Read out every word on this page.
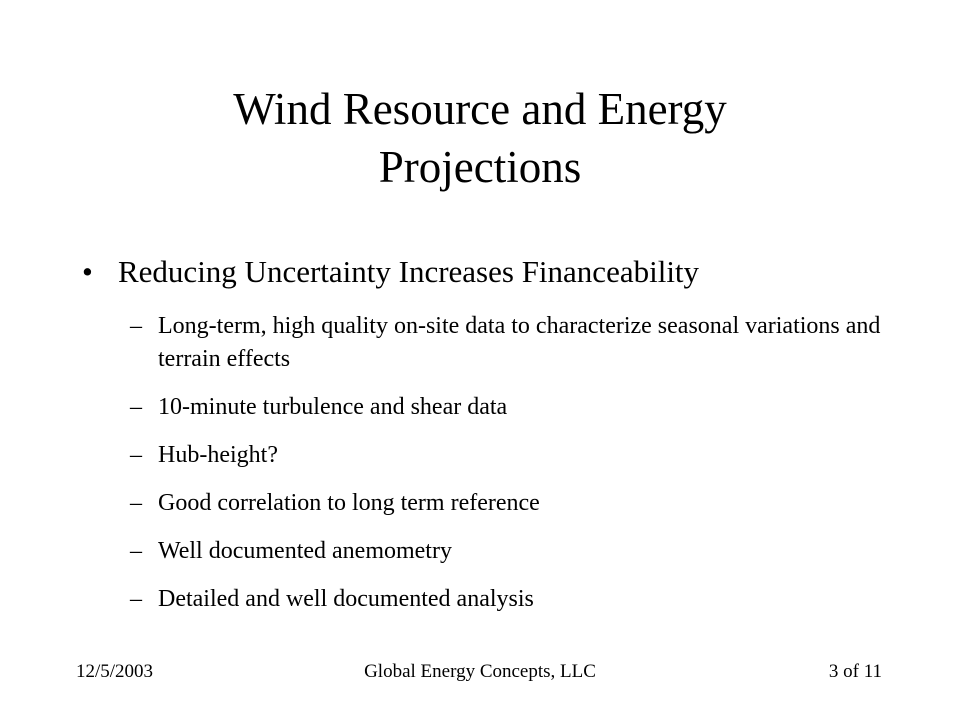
Wind Resource and Energy
Projections
• Reducing Uncertainty Increases Financeability
– Long-term, high quality on-site data to characterize seasonal variations and terrain effects
– 10-minute turbulence and shear data
– Hub-height?
– Good correlation to long term reference
– Well documented anemometry
– Detailed and well documented analysis
12/5/2003	Global Energy Concepts, LLC	3 of 11
